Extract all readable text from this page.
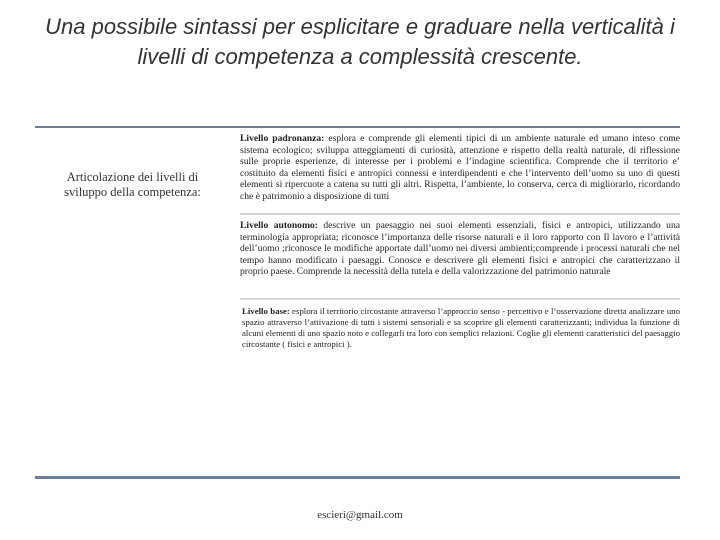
Una possibile sintassi per esplicitare e graduare nella verticalità i livelli di competenza a complessità crescente.
Articolazione dei livelli di sviluppo della competenza:
Livello padronanza: esplora e comprende gli elementi tipici di un ambiente naturale ed umano inteso come sistema ecologico; sviluppa atteggiamenti di curiosità, attenzione e rispetto della realtà naturale, di riflessione sulle proprie esperienze, di interesse per i problemi e l’indagine scientifica. Comprende che il territorio e’ costituito da elementi fisici e antropici connessi e interdipendenti e che l’intervento dell’uomo su uno di questi elementi si ripercuote a catena su tutti gli altri. Rispetta, l’ambiente, lo conserva, cerca di migliorarlo, ricordando che è patrimonio a disposizione di tutti
Livello autonomo: descrive un paesaggio nei suoi elementi essenziali, fisici e antropici, utilizzando una terminologia appropriata; riconosce l’importanza delle risorse naturali e il loro rapporto con Il lavoro e l’attività dell’uomo ;riconosce le modifiche apportate dall’uomo nei diversi ambienti;comprende i processi naturali che nel tempo hanno modificato i paesaggi. Conosce e descrivere gli elementi fisici e antropici che caratterizzano il proprio paese. Comprende la necessità della tutela e della valorizzazione del patrimonio naturale
Livello base: esplora il territorio circostante attraverso l’approccio senso - percettivo e l’osservazione diretta analizzare uno spazio attraverso l’attivazione di tutti i sistemi sensoriali e sa scoprire gli elementi caratterizzanti; individua la funzione di alcuni elementi di uno spazio noto e collegarli tra loro con semplici relazioni. Coglie gli elementi caratteristici del paesaggio circostante ( fisici e antropici ).
escieri@gmail.com
